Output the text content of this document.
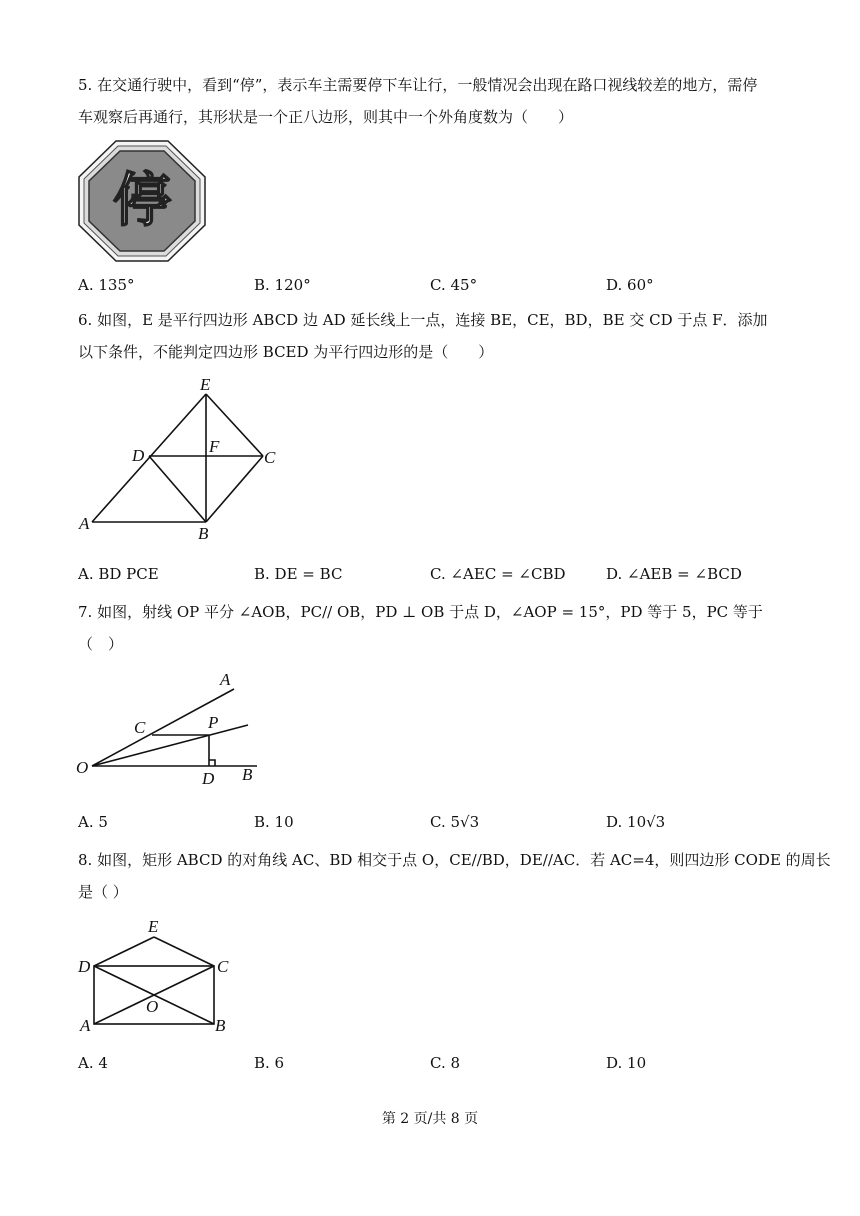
5. 在交通行驶中，看到“停”，表示车主需要停下车让行，一般情况会出现在路口视线较差的地方，需停
车观察后再通行，其形状是一个正八边形，则其中一个外角度数为（　　）
停
A. 135°	B. 120°	C. 45°	D. 60°
6. 如图，E 是平行四边形 ABCD 边 AD 延长线上一点，连接 BE，CE，BD，BE 交 CD 于点 F．添加
以下条件，不能判定四边形 BCED 为平行四边形的是（　　）
E
D	F
C
A
B
A. BD PCE	B. DE = BC	C. ∠AEC = ∠CBD	D. ∠AEB = ∠BCD
7. 如图，射线 OP 平分 ∠AOB，PC// OB，PD ⊥ OB 于点 D，∠AOP = 15°，PD 等于 5，PC 等于
（　）
A
C	P
O
D B
A. 5	B. 10	C. 5√3	D. 10√3
8. 如图，矩形 ABCD 的对角线 AC、BD 相交于点 O，CE//BD，DE//AC．若 AC=4，则四边形 CODE 的周长
是（ ）
E
D	C
O
A	B
A. 4	B. 6	C. 8	D. 10
第 2 页/共 8 页
